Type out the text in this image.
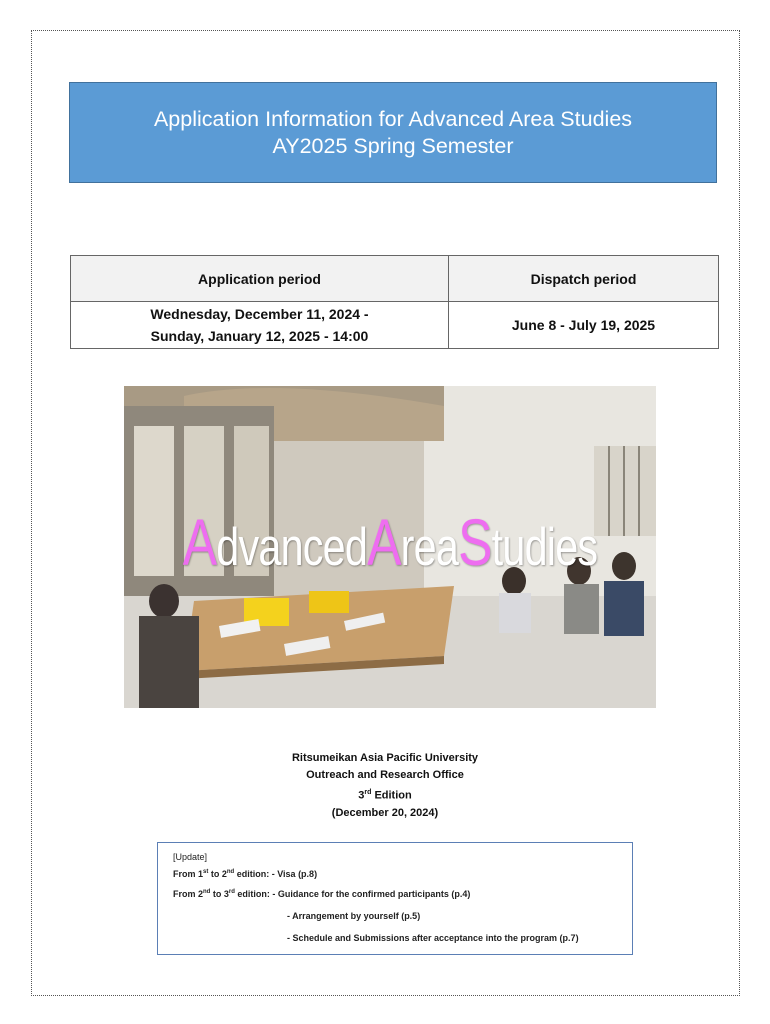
Application Information for Advanced Area Studies
AY2025 Spring Semester
Application period	Dispatch period

Wednesday, December 11, 2024 -
Sunday, January 12, 2025 - 14:00	June 8 - July 19, 2025
AdvancedAreaStudies
Ritsumeikan Asia Pacific University
Outreach and Research Office
3rd Edition
(December 20, 2024)
[Update]
From 1st to 2nd edition: - Visa (p.8)
From 2nd to 3rd edition: - Guidance for the confirmed participants (p.4)
- Arrangement by yourself (p.5)
- Schedule and Submissions after acceptance into the program (p.7)
